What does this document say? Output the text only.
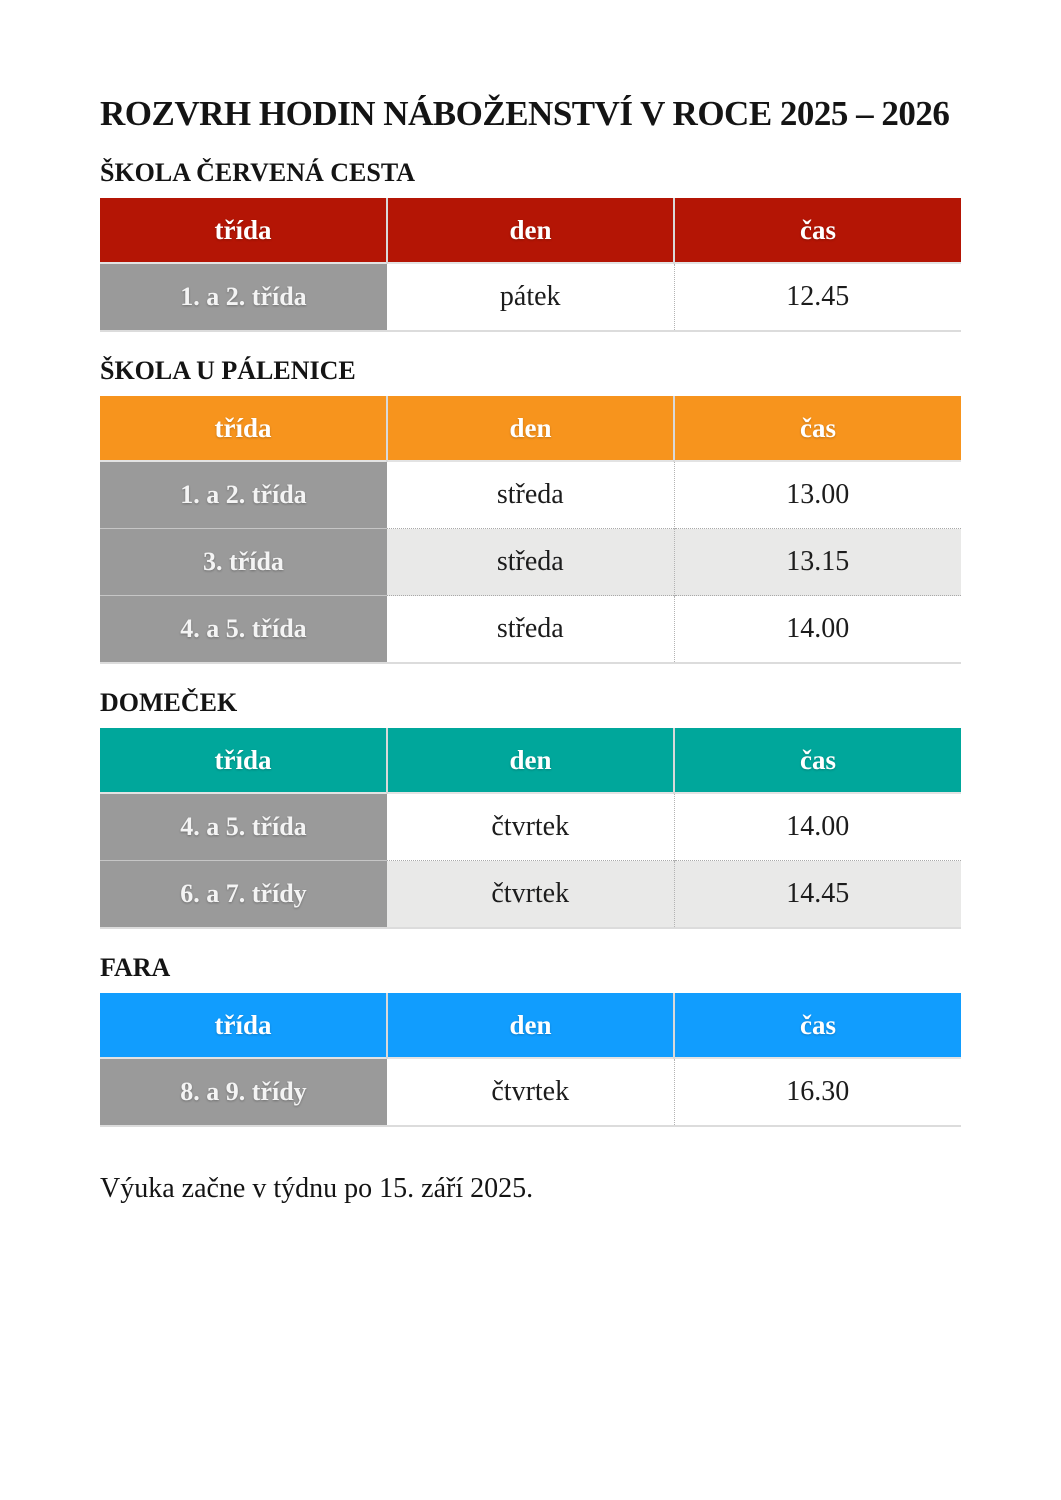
ROZVRH HODIN NÁBOŽENSTVÍ V ROCE 2025 – 2026
ŠKOLA ČERVENÁ CESTA
třída	den	čas
1. a 2. třída	pátek	12.45
ŠKOLA U PÁLENICE
třída	den	čas
1. a 2. třída	středa	13.00
3. třída	středa	13.15
4. a 5. třída	středa	14.00
DOMEČEK
třída	den	čas
4. a 5. třída	čtvrtek	14.00
6. a 7. třídy	čtvrtek	14.45
FARA
třída	den	čas
8. a 9. třídy	čtvrtek	16.30

Výuka začne v týdnu po 15. září 2025.
